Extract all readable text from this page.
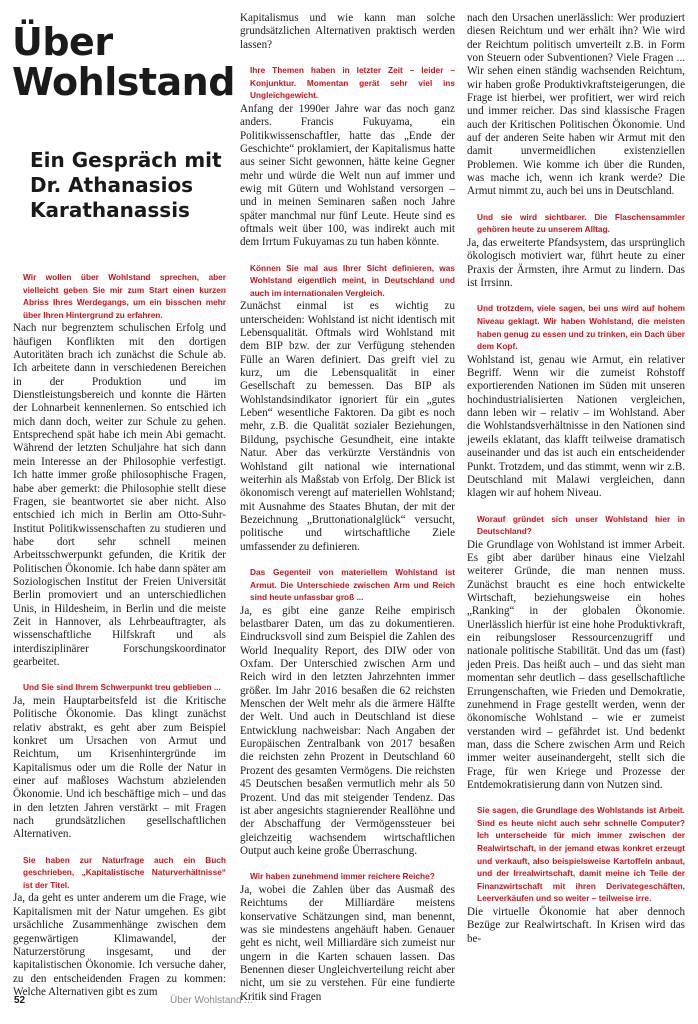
Über Wohlstand
Ein Gespräch mit Dr. Athanasios Karathanassis

Wir wollen über Wohlstand sprechen, aber vielleicht geben Sie mir zum Start einen kurzen Abriss Ihres Werdegangs, um ein bisschen mehr über Ihren Hintergrund zu erfahren.

Nach nur begrenztem schulischen Erfolg und häufigen Konflikten mit den dortigen Autoritäten brach ich zunächst die Schule ab. Ich arbeitete dann in verschiedenen Bereichen in der Produktion und im Dienstleistungsbereich und konnte die Härten der Lohnarbeit kennenlernen. So entschied ich mich dann doch, weiter zur Schule zu gehen. Entsprechend spät habe ich mein Abi gemacht. Während der letzten Schuljahre hat sich dann mein Interesse an der Philosophie verfestigt. Ich hatte immer große philosophische Fragen, habe aber gemerkt: die Philosophie stellt diese Fragen, sie beantwortet sie aber nicht. Also entschied ich mich in Berlin am Otto-Suhr-Institut Politikwissenschaften zu studieren und habe dort sehr schnell meinen Arbeitsschwerpunkt gefunden, die Kritik der Politischen Ökonomie. Ich habe dann später am Soziologischen Institut der Freien Universität Berlin promoviert und an unterschiedlichen Unis, in Hildesheim, in Berlin und die meiste Zeit in Hannover, als Lehrbeauftragter, als wissenschaftliche Hilfskraft und als interdisziplinärer Forschungskoordinator gearbeitet.

Und Sie sind Ihrem Schwerpunkt treu geblieben ...

Ja, mein Hauptarbeitsfeld ist die Kritische Politische Ökonomie. Das klingt zunächst relativ abstrakt, es geht aber zum Beispiel konkret um Ursachen von Armut und Reichtum, um Krisenhintergründe im Kapitalismus oder um die Rolle der Natur in einer auf maßloses Wachstum abzielenden Ökonomie. Und ich beschäftige mich – und das in den letzten Jahren verstärkt – mit Fragen nach grundsätzlichen gesellschaftlichen Alternativen.

Sie haben zur Naturfrage auch ein Buch geschrieben, „Kapitalistische Naturverhältnisse“ ist der Titel.

Ja, da geht es unter anderem um die Frage, wie Kapitalismen mit der Natur umgehen. Es gibt ursächliche Zusammenhänge zwischen dem gegenwärtigen Klimawandel, der Naturzerstörung insgesamt, und der kapitalistischen Ökonomie. Ich versuche daher, zu den entscheidenden Fragen zu kommen: Welche Alternativen gibt es zum

Kapitalismus und wie kann man solche grundsätzlichen Alternativen praktisch werden lassen?

Ihre Themen haben in letzter Zeit – leider – Konjunktur. Momentan gerät sehr viel ins Ungleichgewicht.

Anfang der 1990er Jahre war das noch ganz anders. Francis Fukuyama, ein Politikwissenschaftler, hatte das „Ende der Geschichte“ proklamiert, der Kapitalismus hatte aus seiner Sicht gewonnen, hätte keine Gegner mehr und würde die Welt nun auf immer und ewig mit Gütern und Wohlstand versorgen – und in meinen Seminaren saßen noch Jahre später manchmal nur fünf Leute. Heute sind es oftmals weit über 100, was indirekt auch mit dem Irrtum Fukuyamas zu tun haben könnte.

Können Sie mal aus Ihrer Sicht definieren, was Wohlstand eigentlich meint, in Deutschland und auch im internationalen Vergleich.

Zunächst einmal ist es wichtig zu unterscheiden: Wohlstand ist nicht identisch mit Lebensqualität. Oftmals wird Wohlstand mit dem BIP bzw. der zur Verfügung stehenden Fülle an Waren definiert. Das greift viel zu kurz, um die Lebensqualität in einer Gesellschaft zu bemessen. Das BIP als Wohlstandsindikator ignoriert für ein „gutes Leben“ wesentliche Faktoren. Da gibt es noch mehr, z.B. die Qualität sozialer Beziehungen, Bildung, psychische Gesundheit, eine intakte Natur. Aber das verkürzte Verständnis von Wohlstand gilt national wie international weiterhin als Maßstab von Erfolg. Der Blick ist ökonomisch verengt auf materiellen Wohlstand; mit Ausnahme des Staates Bhutan, der mit der Bezeichnung „Bruttonationalglück“ versucht, politische und wirtschaftliche Ziele umfassender zu definieren.

Das Gegenteil von materiellem Wohlstand ist Armut. Die Unterschiede zwischen Arm und Reich sind heute unfassbar groß ...

Ja, es gibt eine ganze Reihe empirisch belastbarer Daten, um das zu dokumentieren. Eindrucksvoll sind zum Beispiel die Zahlen des World Inequality Report, des DIW oder von Oxfam. Der Unterschied zwischen Arm und Reich wird in den letzten Jahrzehnten immer größer. Im Jahr 2016 besaßen die 62 reichsten Menschen der Welt mehr als die ärmere Hälfte der Welt. Und auch in Deutschland ist diese Entwicklung nachweisbar: Nach Angaben der Europäischen Zentralbank von 2017 besaßen die reichsten zehn Prozent in Deutschland 60 Prozent des gesamten Vermögens. Die reichsten 45 Deutschen besaßen vermutlich mehr als 50 Prozent. Und das mit steigender Tendenz. Das ist aber angesichts stagnierender Reallöhne und der Abschaffung der Vermögenssteuer bei gleichzeitig wachsendem wirtschaftlichen Output auch keine große Überraschung.

Wir haben zunehmend immer reichere Reiche?

Ja, wobei die Zahlen über das Ausmaß des Reichtums der Milliardäre meistens konservative Schätzungen sind, man benennt, was sie mindestens angehäuft haben. Genauer geht es nicht, weil Milliardäre sich zumeist nur ungern in die Karten schauen lassen. Das Benennen dieser Ungleichverteilung reicht aber nicht, um sie zu verstehen. Für eine fundierte Kritik sind Fragen

nach den Ursachen unerlässlich: Wer produziert diesen Reichtum und wer erhält ihn? Wie wird der Reichtum politisch umverteilt z.B. in Form von Steuern oder Subventionen? Viele Fragen ... Wir sehen einen ständig wachsenden Reichtum, wir haben große Produktivkraftsteigerungen, die Frage ist hierbei, wer profitiert, wer wird reich und immer reicher. Das sind klassische Fragen auch der Kritischen Politischen Ökonomie. Und auf der anderen Seite haben wir Armut mit den damit unvermeidlichen existenziellen Problemen. Wie komme ich über die Runden, was mache ich, wenn ich krank werde? Die Armut nimmt zu, auch bei uns in Deutschland.

Und sie wird sichtbarer. Die Flaschensammler gehören heute zu unserem Alltag.

Ja, das erweiterte Pfandsystem, das ursprünglich ökologisch motiviert war, führt heute zu einer Praxis der Ärmsten, ihre Armut zu lindern. Das ist Irrsinn.

Und trotzdem, viele sagen, bei uns wird auf hohem Niveau geklagt. Wir haben Wohlstand, die meisten haben genug zu essen und zu trinken, ein Dach über dem Kopf.

Wohlstand ist, genau wie Armut, ein relativer Begriff. Wenn wir die zumeist Rohstoff exportierenden Nationen im Süden mit unseren hochindustrialisierten Nationen vergleichen, dann leben wir – relativ – im Wohlstand. Aber die Wohlstandsverhältnisse in den Nationen sind jeweils eklatant, das klafft teilweise dramatisch auseinander und das ist auch ein entscheidender Punkt. Trotzdem, und das stimmt, wenn wir z.B. Deutschland mit Malawi vergleichen, dann klagen wir auf hohem Niveau.

Worauf gründet sich unser Wohlstand hier in Deutschland?

Die Grundlage von Wohlstand ist immer Arbeit. Es gibt aber darüber hinaus eine Vielzahl weiterer Gründe, die man nennen muss. Zunächst braucht es eine hoch entwickelte Wirtschaft, beziehungsweise ein hohes „Ranking“ in der globalen Ökonomie. Unerlässlich hierfür ist eine hohe Produktivkraft, ein reibungsloser Ressourcenzugriff und nationale politische Stabilität. Und das um (fast) jeden Preis. Das heißt auch – und das sieht man momentan sehr deutlich – dass gesellschaftliche Errungenschaften, wie Frieden und Demokratie, zunehmend in Frage gestellt werden, wenn der ökonomische Wohlstand – wie er zumeist verstanden wird – gefährdet ist. Und bedenkt man, dass die Schere zwischen Arm und Reich immer weiter auseinandergeht, stellt sich die Frage, für wen Kriege und Prozesse der Entdemokratisierung dann von Nutzen sind.

Sie sagen, die Grundlage des Wohlstands ist Arbeit. Sind es heute nicht auch sehr schnelle Computer? Ich unterscheide für mich immer zwischen der Realwirtschaft, in der jemand etwas konkret erzeugt und verkauft, also beispielsweise Kartoffeln anbaut, und der Irrealwirtschaft, damit meine ich Teile der Finanzwirtschaft mit ihren Derivategeschäften, Leerverkäufen und so weiter – teilweise irre.

Die virtuelle Ökonomie hat aber dennoch Bezüge zur Realwirtschaft. In Krisen wird das be-

52	Über Wohlstand ...
